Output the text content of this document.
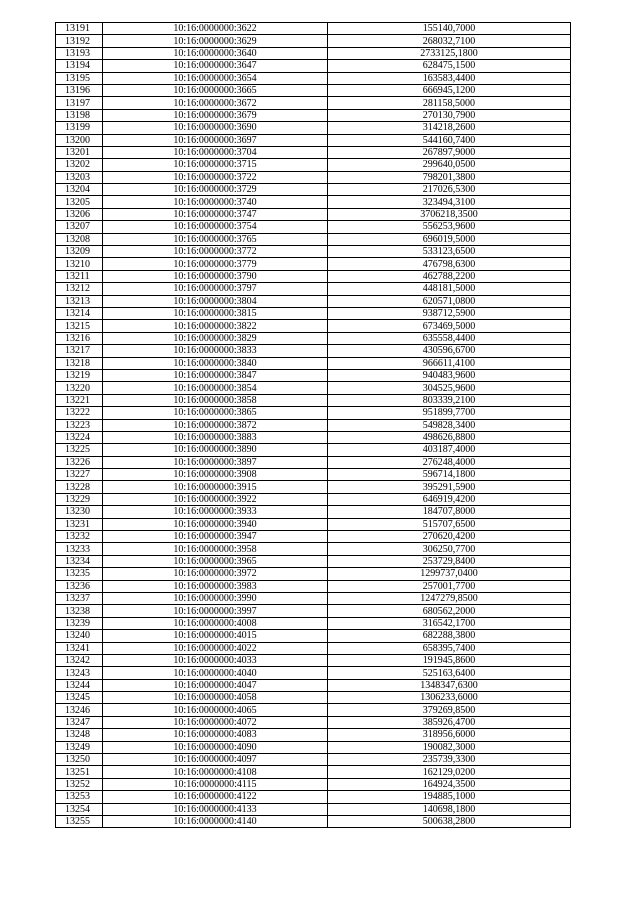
13191	10:16:0000000:3622	155140,7000
13192	10:16:0000000:3629	268032,7100
13193	10:16:0000000:3640	2733125,1800
13194	10:16:0000000:3647	628475,1500
13195	10:16:0000000:3654	163583,4400
13196	10:16:0000000:3665	666945,1200
13197	10:16:0000000:3672	281158,5000
13198	10:16:0000000:3679	270130,7900
13199	10:16:0000000:3690	314218,2600
13200	10:16:0000000:3697	544160,7400
13201	10:16:0000000:3704	267897,9000
13202	10:16:0000000:3715	299640,0500
13203	10:16:0000000:3722	798201,3800
13204	10:16:0000000:3729	217026,5300
13205	10:16:0000000:3740	323494,3100
13206	10:16:0000000:3747	3706218,3500
13207	10:16:0000000:3754	556253,9600
13208	10:16:0000000:3765	696019,5000
13209	10:16:0000000:3772	533123,6500
13210	10:16:0000000:3779	476798,6300
13211	10:16:0000000:3790	462788,2200
13212	10:16:0000000:3797	448181,5000
13213	10:16:0000000:3804	620571,0800
13214	10:16:0000000:3815	938712,5900
13215	10:16:0000000:3822	673469,5000
13216	10:16:0000000:3829	635558,4400
13217	10:16:0000000:3833	430596,6700
13218	10:16:0000000:3840	966611,4100
13219	10:16:0000000:3847	940483,9600
13220	10:16:0000000:3854	304525,9600
13221	10:16:0000000:3858	803339,2100
13222	10:16:0000000:3865	951899,7700
13223	10:16:0000000:3872	549828,3400
13224	10:16:0000000:3883	498626,8800
13225	10:16:0000000:3890	403187,4000
13226	10:16:0000000:3897	276248,4000
13227	10:16:0000000:3908	596714,1800
13228	10:16:0000000:3915	395291,5900
13229	10:16:0000000:3922	646919,4200
13230	10:16:0000000:3933	184707,8000
13231	10:16:0000000:3940	515707,6500
13232	10:16:0000000:3947	270620,4200
13233	10:16:0000000:3958	306250,7700
13234	10:16:0000000:3965	253729,8400
13235	10:16:0000000:3972	1299737,0400
13236	10:16:0000000:3983	257001,7700
13237	10:16:0000000:3990	1247279,8500
13238	10:16:0000000:3997	680562,2000
13239	10:16:0000000:4008	316542,1700
13240	10:16:0000000:4015	682288,3800
13241	10:16:0000000:4022	658395,7400
13242	10:16:0000000:4033	191945,8600
13243	10:16:0000000:4040	525163,6400
13244	10:16:0000000:4047	1348347,6300
13245	10:16:0000000:4058	1306233,6000
13246	10:16:0000000:4065	379269,8500
13247	10:16:0000000:4072	385926,4700
13248	10:16:0000000:4083	318956,6000
13249	10:16:0000000:4090	190082,3000
13250	10:16:0000000:4097	235739,3300
13251	10:16:0000000:4108	162129,0200
13252	10:16:0000000:4115	164924,3500
13253	10:16:0000000:4122	194885,1000
13254	10:16:0000000:4133	140698,1800
13255	10:16:0000000:4140	500638,2800
